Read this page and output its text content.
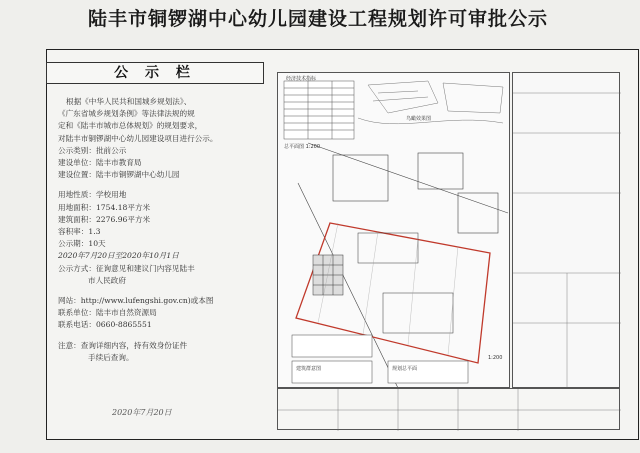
陆丰市铜锣湖中心幼儿园建设工程规划许可审批公示
公 示 栏

根据《中华人民共和国城乡规划法》、

《广东省城乡规划条例》等法律法规的规

定和《陆丰市城市总体规划》的规划要求，

对陆丰市铜锣湖中心幼儿园建设项目进行公示。

公示类别：批前公示

建设单位：陆丰市教育局

建设位置：陆丰市铜锣湖中心幼儿园

用地性质：学校用地

用地面积：1754.18平方米

建筑面积：2276.96平方米

容积率：1.3

公示期：10天

2020年7月20日至2020年10月1日

公示方式：征询意见和建议门内容见陆丰

市人民政府

网站：http://www.lufengshi.gov.cn)或本图

联系单位：陆丰市自然资源局

联系电话：0660-8865551

注意：查询详细内容，持有效身份证件

手续后查询。

2020年7月20日
总平面图 1:200
经济技术指标
鸟瞰效果图
建筑群意图	规划总平面
1:200
